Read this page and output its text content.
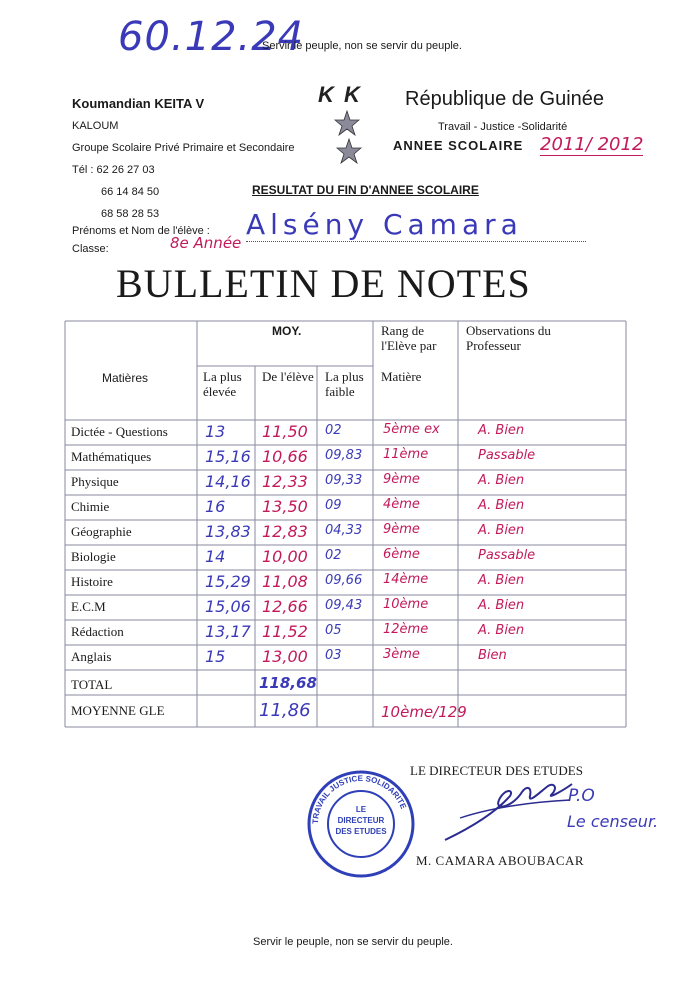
60.12.24
Servir le peuple, non se servir du peuple.
Koumandian KEITA V
KALOUM
Groupe Scolaire Privé Primaire et Secondaire
Tél : 62 26 27 03
66 14 84 50
68 58 28 53
K K	République de Guinée
Travail - Justice -Solidarité
ANNEE SCOLAIRE 2011/ 2012
RESULTAT DU FIN D'ANNEE SCOLAIRE
Prénoms et Nom de l'élève : Alsény Camara
Classe:	8e Année
BULLETIN DE NOTES
Matières
MOY.
La plus élevée
De l'élève La plus faible
Rang de l'Elève par
Matière
Observations du Professeur
Dictée - Questions 13 11,50 02	5ème ex	A. Bien
Mathématiques	15,16 10,66 09,83 11ème	Passable
Physique	14,16 12,33 09,33 9ème	A. Bien
Chimie	16 13,50 09	4ème	A. Bien
Géographie	13,83 12,83 04,33 9ème	A. Bien
Biologie	14 10,00 02	6ème	Passable
Histoire	15,29 11,08 09,66 14ème	A. Bien
E.C.M	15,06 12,66 09,43 10ème	A. Bien
Rédaction	13,17 11,52 05	12ème	A. Bien
Anglais	15 13,00 03	3ème	Bien
TOTAL	118,68
MOYENNE GLE	11,86	10ème/129
LE DIRECTEUR DES ETUDES
P.O
Le censeur.
M. CAMARA ABOUBACAR
TRAVAIL JUSTICE SOLIDARITE
LE DIRECTEUR DES ETUDES
Servir le peuple, non se servir du peuple.
